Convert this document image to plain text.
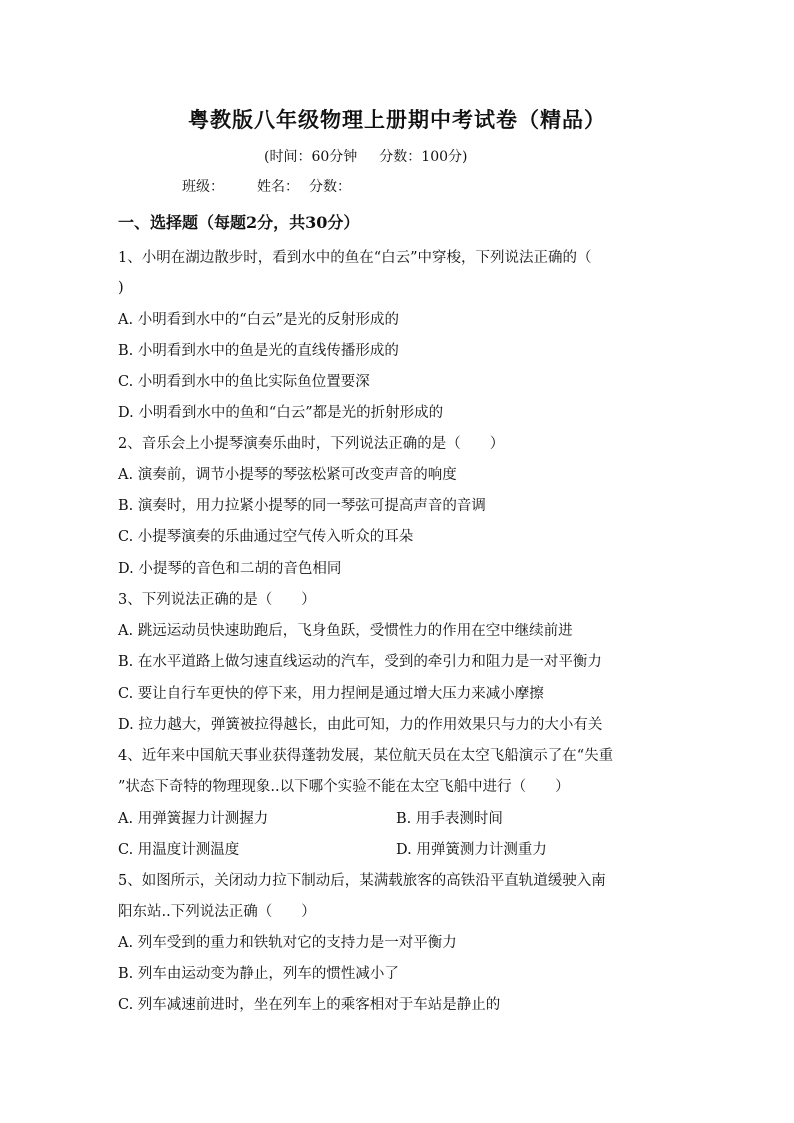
粤教版八年级物理上册期中考试卷（精品）
(时间：60分钟 分数：100分)
班级： 姓名： 分数：
一、选择题（每题2分，共30分）
1、小明在湖边散步时，看到水中的鱼在“白云”中穿梭，下列说法正确的（
)
A. 小明看到水中的“白云”是光的反射形成的
B. 小明看到水中的鱼是光的直线传播形成的
C. 小明看到水中的鱼比实际鱼位置要深
D. 小明看到水中的鱼和“白云”都是光的折射形成的
2、音乐会上小提琴演奏乐曲时，下列说法正确的是（　　）
A. 演奏前，调节小提琴的琴弦松紧可改变声音的响度
B. 演奏时，用力拉紧小提琴的同一琴弦可提高声音的音调
C. 小提琴演奏的乐曲通过空气传入听众的耳朵
D. 小提琴的音色和二胡的音色相同
3、下列说法正确的是（　　）
A. 跳远运动员快速助跑后，飞身鱼跃，受惯性力的作用在空中继续前进
B. 在水平道路上做匀速直线运动的汽车，受到的牵引力和阻力是一对平衡力
C. 要让自行车更快的停下来，用力捏闸是通过增大压力来减小摩擦
D. 拉力越大，弹簧被拉得越长，由此可知，力的作用效果只与力的大小有关
4、近年来中国航天事业获得蓬勃发展，某位航天员在太空飞船演示了在“失重
”状态下奇特的物理现象..以下哪个实验不能在太空飞船中进行（　　）
A. 用弹簧握力计测握力	B. 用手表测时间
C. 用温度计测温度	D. 用弹簧测力计测重力
5、如图所示，关闭动力拉下制动后，某满载旅客的高铁沿平直轨道缓驶入南
阳东站..下列说法正确（　　）
A. 列车受到的重力和铁轨对它的支持力是一对平衡力
B. 列车由运动变为静止，列车的惯性减小了
C. 列车减速前进时，坐在列车上的乘客相对于车站是静止的
